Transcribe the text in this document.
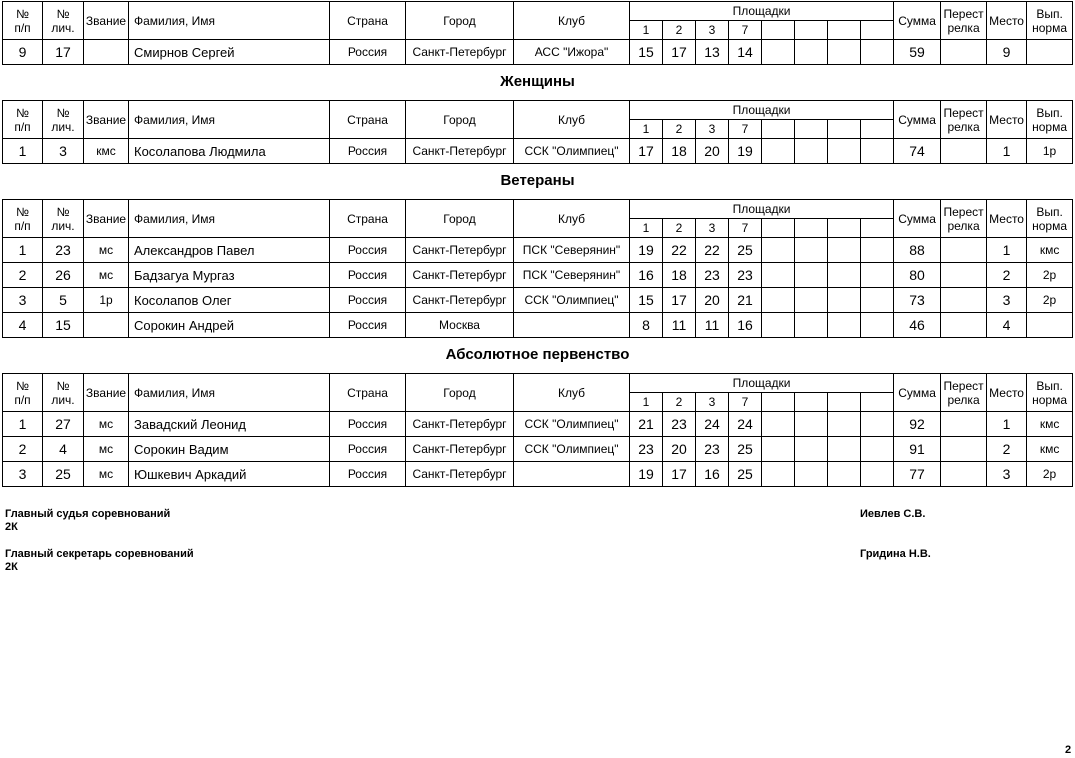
№
п/п	№
лич.	Звание	Фамилия, Имя	Страна	Город	Клуб	Площадки								Сумма	Перест
релка	Место	Вып.
норма
							1	2	3	7								
9	17		Смирнов Сергей	Россия	Санкт-Петербург	АСС "Ижора"	15	17	13	14					59		9	
Женщины
№
п/п	№
лич.	Звание	Фамилия, Имя	Страна	Город	Клуб	Площадки								Сумма	Перест
релка	Место	Вып.
норма
							1	2	3	7								
1	3	кмс	Косолапова Людмила	Россия	Санкт-Петербург	ССК "Олимпиец"	17	18	20	19					74		1	1р
Ветераны
№
п/п	№
лич.	Звание	Фамилия, Имя	Страна	Город	Клуб	Площадки								Сумма	Перест
релка	Место	Вып.
норма
							1	2	3	7								
1	23	мс	Александров Павел	Россия	Санкт-Петербург	ПСК "Северянин"	19	22	22	25					88		1	кмс
2	26	мс	Бадзагуа Мургаз	Россия	Санкт-Петербург	ПСК "Северянин"	16	18	23	23					80		2	2р
3	5	1р	Косолапов Олег	Россия	Санкт-Петербург	ССК "Олимпиец"	15	17	20	21					73		3	2р
4	15		Сорокин Андрей	Россия	Москва		8	11	11	16					46		4	
Абсолютное первенство
№
п/п	№
лич.	Звание	Фамилия, Имя	Страна	Город	Клуб	Площадки								Сумма	Перест
релка	Место	Вып.
норма
							1	2	3	7								
1	27	мс	Завадский Леонид	Россия	Санкт-Петербург	ССК "Олимпиец"	21	23	24	24					92		1	кмс
2	4	мс	Сорокин Вадим	Россия	Санкт-Петербург	ССК "Олимпиец"	23	20	23	25					91		2	кмс
3	25	мс	Юшкевич Аркадий	Россия	Санкт-Петербург		19	17	16	25					77		3	2р
Главный судья соревнований
2К
Иевлев С.В.
Главный секретарь соревнований
2К
Гридина Н.В.
2
